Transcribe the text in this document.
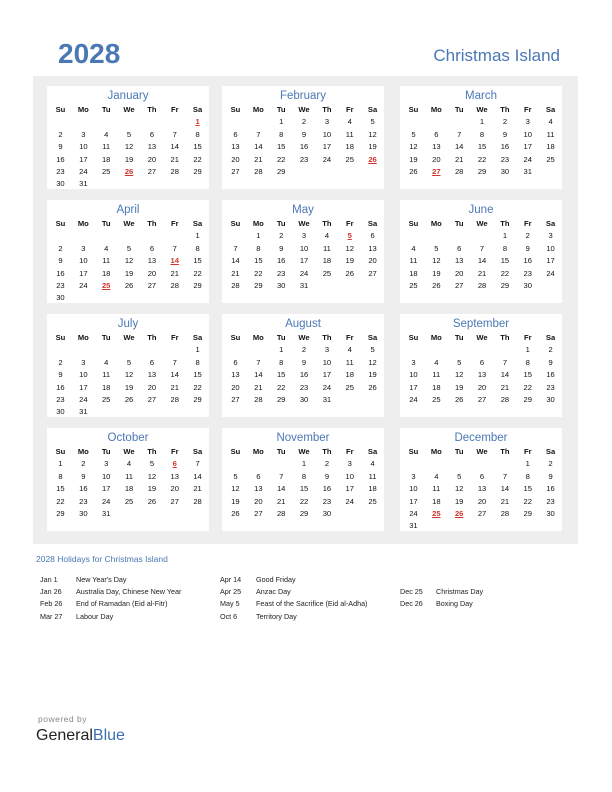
2028	Christmas Island
January
Su	Mo	Tu	We	Th	Fr	Sa
						1
2	3	4	5	6	7	8
9	10	11	12	13	14	15
16	17	18	19	20	21	22
23	24	25	26	27	28	29
30	31					
February
Su	Mo	Tu	We	Th	Fr	Sa
		1	2	3	4	5
6	7	8	9	10	11	12
13	14	15	16	17	18	19
20	21	22	23	24	25	26
27	28	29				
March
Su	Mo	Tu	We	Th	Fr	Sa
			1	2	3	4
5	6	7	8	9	10	11
12	13	14	15	16	17	18
19	20	21	22	23	24	25
26	27	28	29	30	31	
April
Su	Mo	Tu	We	Th	Fr	Sa
						1
2	3	4	5	6	7	8
9	10	11	12	13	14	15
16	17	18	19	20	21	22
23	24	25	26	27	28	29
30						
May
Su	Mo	Tu	We	Th	Fr	Sa
	1	2	3	4	5	6
7	8	9	10	11	12	13
14	15	16	17	18	19	20
21	22	23	24	25	26	27
28	29	30	31			
June
Su	Mo	Tu	We	Th	Fr	Sa
				1	2	3
4	5	6	7	8	9	10
11	12	13	14	15	16	17
18	19	20	21	22	23	24
25	26	27	28	29	30	
July
Su	Mo	Tu	We	Th	Fr	Sa
						1
2	3	4	5	6	7	8
9	10	11	12	13	14	15
16	17	18	19	20	21	22
23	24	25	26	27	28	29
30	31					
August
Su	Mo	Tu	We	Th	Fr	Sa
		1	2	3	4	5
6	7	8	9	10	11	12
13	14	15	16	17	18	19
20	21	22	23	24	25	26
27	28	29	30	31		
September
Su	Mo	Tu	We	Th	Fr	Sa
					1	2
3	4	5	6	7	8	9
10	11	12	13	14	15	16
17	18	19	20	21	22	23
24	25	26	27	28	29	30
October
Su	Mo	Tu	We	Th	Fr	Sa
1	2	3	4	5	6	7
8	9	10	11	12	13	14
15	16	17	18	19	20	21
22	23	24	25	26	27	28
29	30	31				
November
Su	Mo	Tu	We	Th	Fr	Sa
			1	2	3	4
5	6	7	8	9	10	11
12	13	14	15	16	17	18
19	20	21	22	23	24	25
26	27	28	29	30		
December
Su	Mo	Tu	We	Th	Fr	Sa
					1	2
3	4	5	6	7	8	9
10	11	12	13	14	15	16
17	18	19	20	21	22	23
24	25	26	27	28	29	30
31						
2028 Holidays for Christmas Island
Jan 1	New Year's Day
Jan 26 Australia Day, Chinese New Year
Feb 26 End of Ramadan (Eid al-Fitr)
Mar 27 Labour Day
Apr 14 Good Friday
Apr 25 Anzac Day
May 5 Feast of the Sacrifice (Eid al-Adha)
Oct 6	Territory Day
Dec 25 Christmas Day
Dec 26 Boxing Day
powered by
GeneralBlue
